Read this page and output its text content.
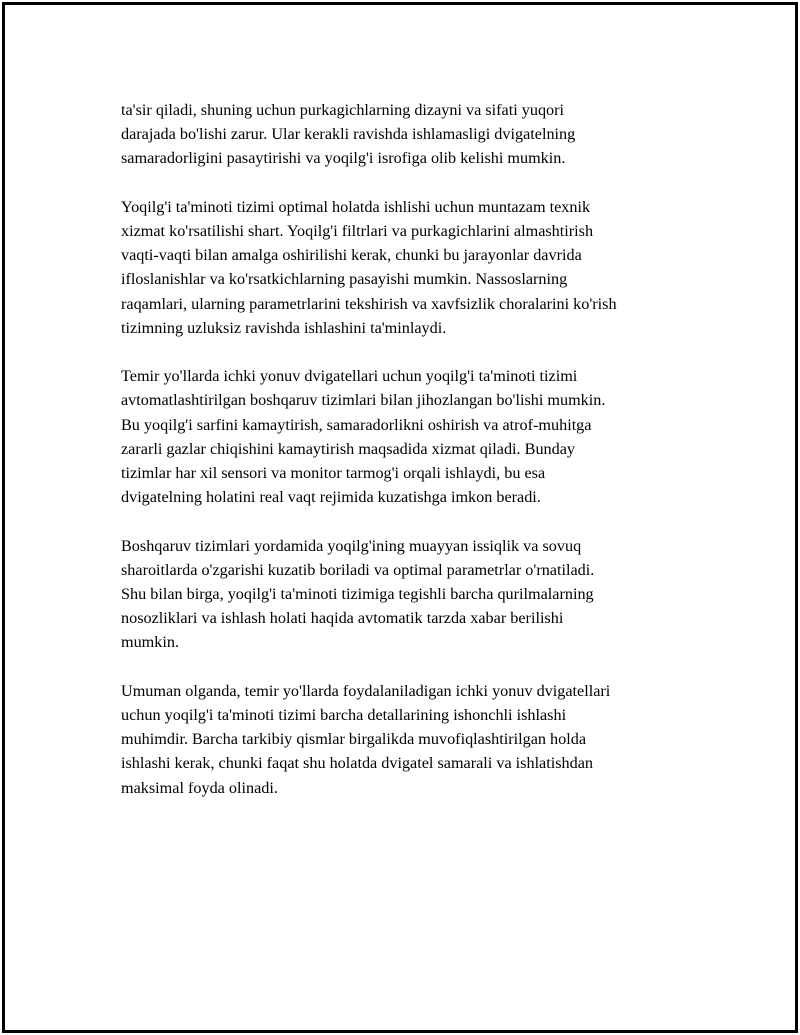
ta'sir qiladi, shuning uchun purkagichlarning dizayni va sifati yuqori
darajada bo'lishi zarur. Ular kerakli ravishda ishlamasligi dvigatelning
samaradorligini pasaytirishi va yoqilg'i isrofiga olib kelishi mumkin.

Yoqilg'i ta'minoti tizimi optimal holatda ishlishi uchun muntazam texnik
xizmat ko'rsatilishi shart. Yoqilg'i filtrlari va purkagichlarini almashtirish
vaqti-vaqti bilan amalga oshirilishi kerak, chunki bu jarayonlar davrida
ifloslanishlar va ko'rsatkichlarning pasayishi mumkin. Nassoslarning
raqamlari, ularning parametrlarini tekshirish va xavfsizlik choralarini ko'rish
tizimning uzluksiz ravishda ishlashini ta'minlaydi.

Temir yo'llarda ichki yonuv dvigatellari uchun yoqilg'i ta'minoti tizimi
avtomatlashtirilgan boshqaruv tizimlari bilan jihozlangan bo'lishi mumkin.
Bu yoqilg'i sarfini kamaytirish, samaradorlikni oshirish va atrof-muhitga
zararli gazlar chiqishini kamaytirish maqsadida xizmat qiladi. Bunday
tizimlar har xil sensori va monitor tarmog'i orqali ishlaydi, bu esa
dvigatelning holatini real vaqt rejimida kuzatishga imkon beradi.

Boshqaruv tizimlari yordamida yoqilg'ining muayyan issiqlik va sovuq
sharoitlarda o'zgarishi kuzatib boriladi va optimal parametrlar o'rnatiladi.
Shu bilan birga, yoqilg'i ta'minoti tizimiga tegishli barcha qurilmalarning
nosozliklari va ishlash holati haqida avtomatik tarzda xabar berilishi
mumkin.

Umuman olganda, temir yo'llarda foydalaniladigan ichki yonuv dvigatellari
uchun yoqilg'i ta'minoti tizimi barcha detallarining ishonchli ishlashi
muhimdir. Barcha tarkibiy qismlar birgalikda muvofiqlashtirilgan holda
ishlashi kerak, chunki faqat shu holatda dvigatel samarali va ishlatishdan
maksimal foyda olinadi.
